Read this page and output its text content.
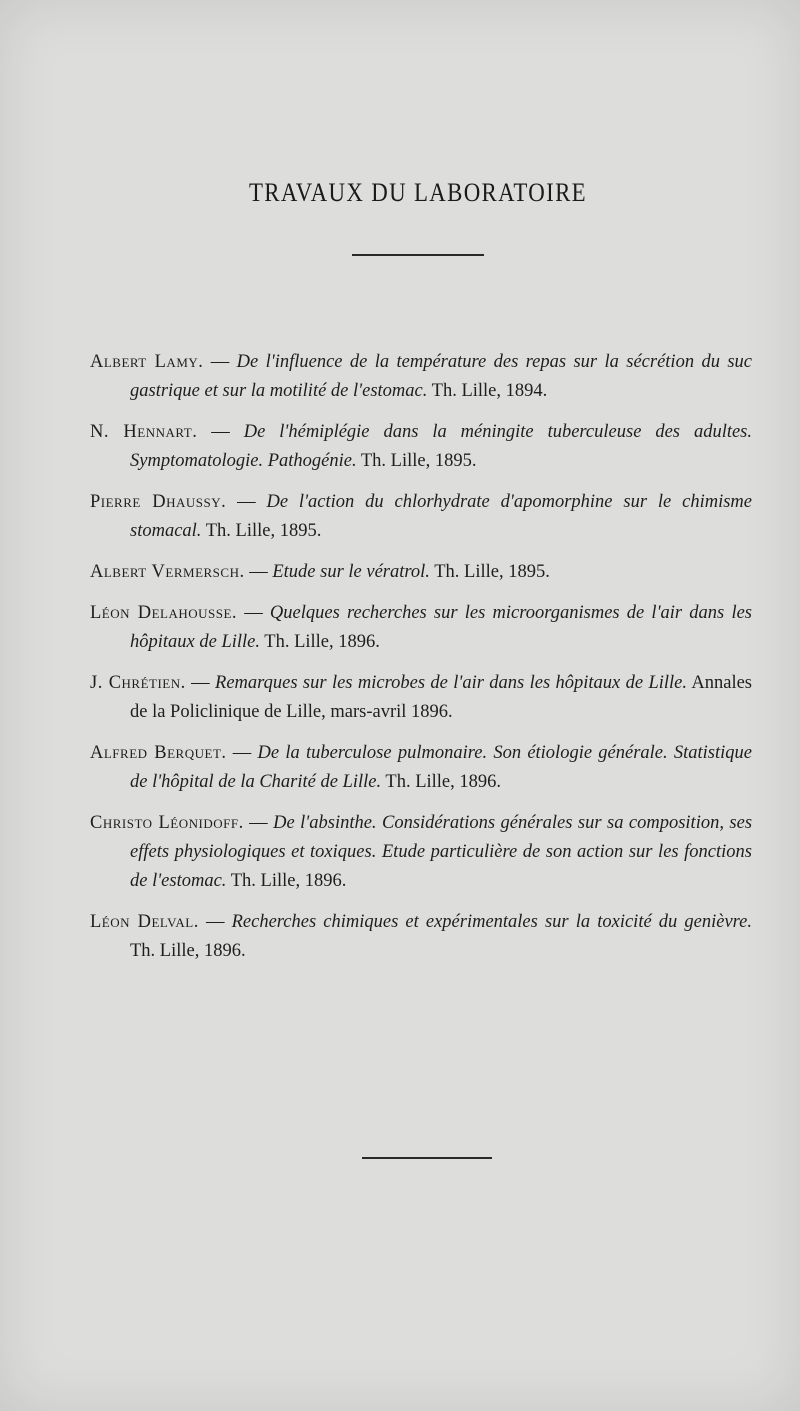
TRAVAUX DU LABORATOIRE

Albert Lamy. — De l'influence de la température des repas sur la sécrétion du suc gastrique et sur la motilité de l'estomac. Th. Lille, 1894.

N. Hennart. — De l'hémiplégie dans la méningite tuberculeuse des adultes. Symptomatologie. Pathogénie. Th. Lille, 1895.

Pierre Dhaussy. — De l'action du chlorhydrate d'apomorphine sur le chimisme stomacal. Th. Lille, 1895.

Albert Vermersch. — Etude sur le vératrol. Th. Lille, 1895.

Léon Delahousse. — Quelques recherches sur les microorganismes de l'air dans les hôpitaux de Lille. Th. Lille, 1896.

J. Chrétien. — Remarques sur les microbes de l'air dans les hôpitaux de Lille. Annales de la Policlinique de Lille, mars-avril 1896.

Alfred Berquet. — De la tuberculose pulmonaire. Son étiologie générale. Statistique de l'hôpital de la Charité de Lille. Th. Lille, 1896.

Christo Léonidoff. — De l'absinthe. Considérations générales sur sa composition, ses effets physiologiques et toxiques. Etude particulière de son action sur les fonctions de l'estomac. Th. Lille, 1896.

Léon Delval. — Recherches chimiques et expérimentales sur la toxicité du genièvre. Th. Lille, 1896.
